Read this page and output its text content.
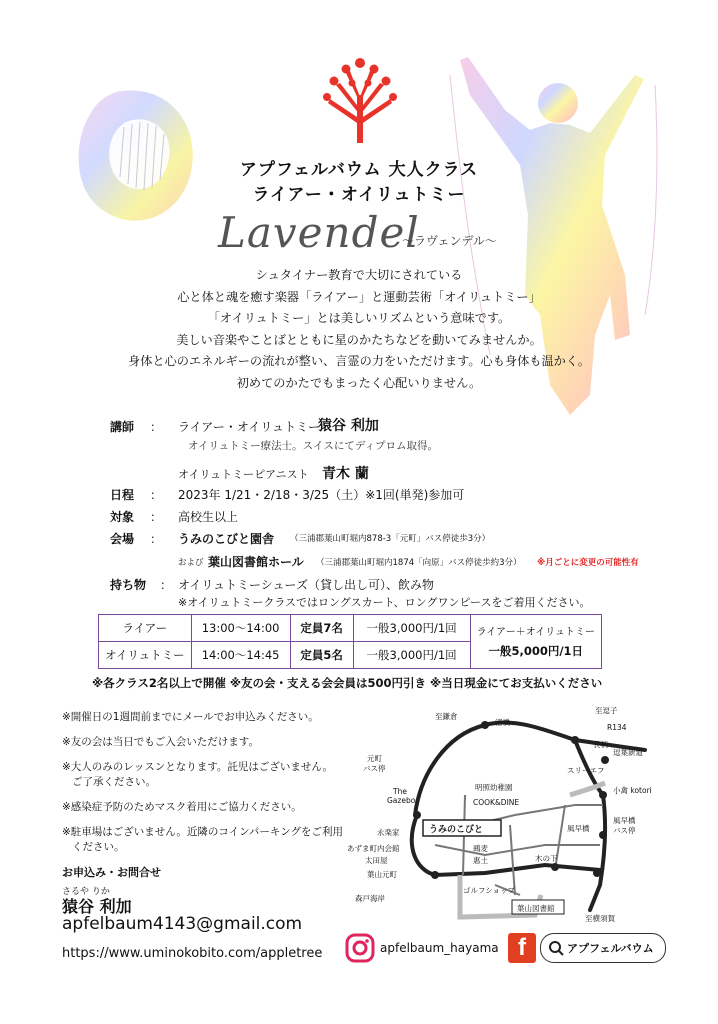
アプフェルバウム 大人クラス
ライアー・オイリュトミー
Lavendel
～ラヴェンデル～
シュタイナー教育で大切にされている
心と体と魂を癒す楽器「ライアー」と運動芸術「オイリュトミー」
「オイリュトミー」とは美しいリズムという意味です。
美しい音楽やことばとともに星のかたちなどを動いてみませんか。
身体と心のエネルギーの流れが整い、言霊の力をいただけます。心も身体も温かく。
初めてのかたでもまったく心配いりません。
講師 ： ライアー・オイリュトミー
猿谷 利加
オイリュトミー療法士。スイスにてディプロム取得。
オイリュトミーピアニスト 青木 蘭
日程 ： 2023年 1/21・2/18・3/25（土）※1回(単発)参加可
対象 ： 高校生以上
会場 ： うみのこびと園舎 （三浦郡葉山町堀内878-3「元町」バス停徒歩3分）
および 葉山図書館ホール （三浦郡葉山町堀内1874「向原」バス停徒歩約3分） ※月ごとに変更の可能性有
持ち物 ： オイリュトミーシューズ（貸し出し可）、飲み物
※オイリュトミークラスではロングスカート、ロングワンピースをご着用ください。
ライアー	13:00～14:00	定員7名	一般3,000円/1回	ライアー＋オイリュトミー
一般5,000円/1日

オイリュトミー	14:00～14:45	定員5名	一般3,000円/1回	
※各クラス2名以上で開催 ※友の会・支える会会員は500円引き ※当日現金にてお支払いください
※開催日の1週間前までにメールでお申込みください。
※友の会は当日でもご入会いただけます。
※大人のみのレッスンとなります。託児はございません。
ご了承ください。
※感染症予防のためマスク着用にご協力ください。
※駐車場はございません。近隣のコインパーキングをご利用
ください。
お申込み・お問合せ
さるや りか
猿谷 利加
apfelbaum4143@gmail.com
https://www.uminokobito.com/appletree	apfelbaum_hayama f	アプフェルバウム
至鎌倉
渚橋
至逗子
R134
長柄
逗葉新道
元町
バス停
The
Gazebo
明照幼稚園
COOK&DINE
スリーエフ
小禽 kotori
永楽家	うみのこびと
あずま町内会館
太田屋
葉山元町
鵐麦
惠土	木の下
ゴルフショップ
森戸海岸
葉山図書館
風早橋
風早橋
バス停
至横須賀
